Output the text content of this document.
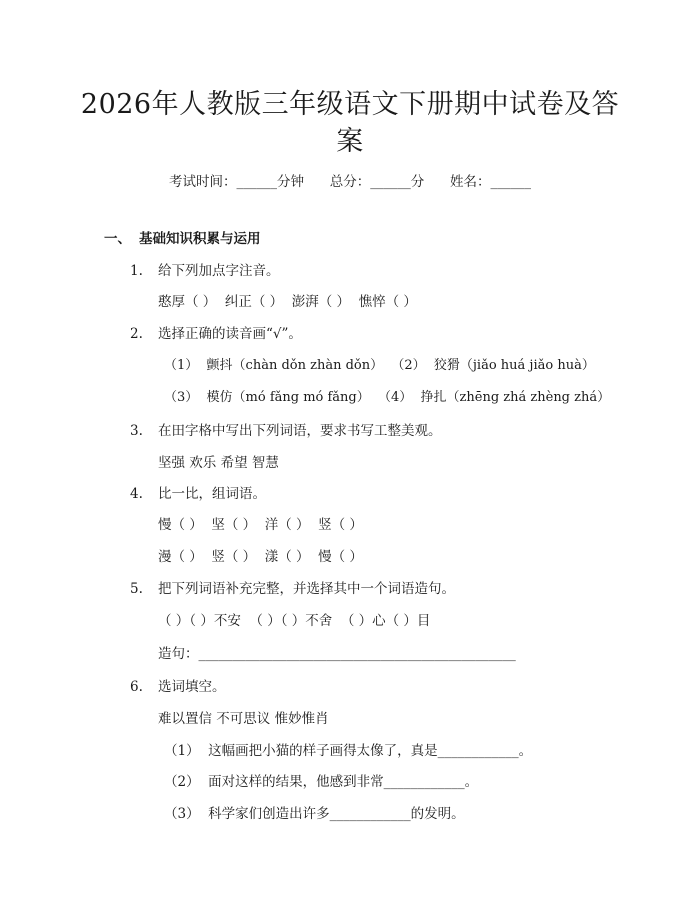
2026年人教版三年级语文下册期中试卷及答
案
考试时间：______分钟      总分：______分      姓名：______
一、 基础知识积累与运用
1. 给下列加点字注音。
憨厚（ ）  纠正（ ）  澎湃（ ）  憔悴（ ）
2. 选择正确的读音画“√”。
（1）  颤抖（chàn dǒn zhàn dǒn）  （2）  狡猾（jiǎo huá jiǎo huà）
（3）  模仿（mó fǎng mó fǎng）  （4）  挣扎（zhēng zhá zhèng zhá）
3. 在田字格中写出下列词语，要求书写工整美观。
坚强 欢乐 希望 智慧
4. 比一比，组词语。
慢（ ）  坚（ ）  洋（ ）  竖（ ）
漫（ ）  竖（ ）  漾（ ）  慢（ ）
5. 把下列词语补充完整，并选择其中一个词语造句。
（ ）（ ）不安  （ ）（ ）不舍  （ ）心（ ）目
造句：_______________________________________________
6. 选词填空。
难以置信 不可思议 惟妙惟肖
（1）  这幅画把小猫的样子画得太像了，真是____________。
（2）  面对这样的结果，他感到非常____________。
（3）  科学家们创造出许多____________的发明。
